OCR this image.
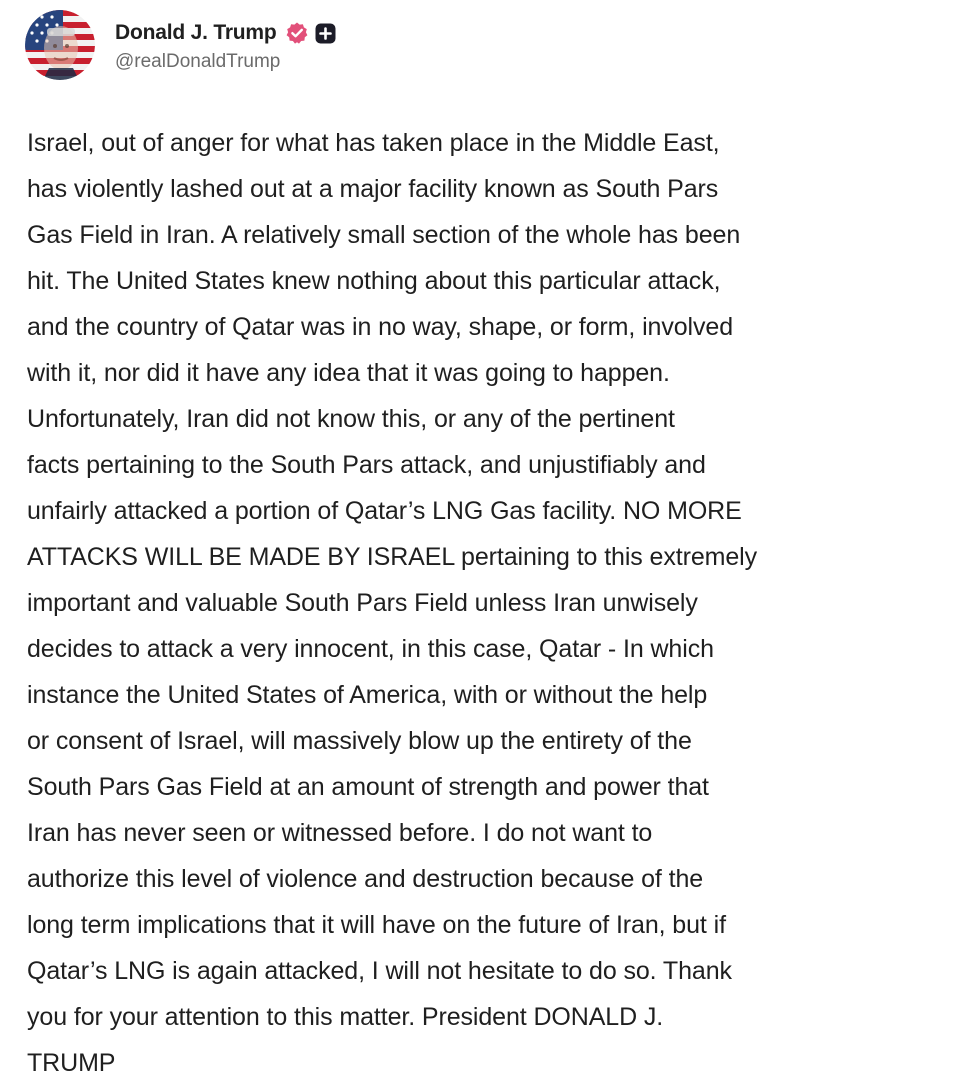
Donald J. Trump
@realDonaldTrump
Israel, out of anger for what has taken place in the Middle East,
has violently lashed out at a major facility known as South Pars
Gas Field in Iran. A relatively small section of the whole has been
hit. The United States knew nothing about this particular attack,
and the country of Qatar was in no way, shape, or form, involved
with it, nor did it have any idea that it was going to happen.
Unfortunately, Iran did not know this, or any of the pertinent
facts pertaining to the South Pars attack, and unjustifiably and
unfairly attacked a portion of Qatar’s LNG Gas facility. NO MORE
ATTACKS WILL BE MADE BY ISRAEL pertaining to this extremely
important and valuable South Pars Field unless Iran unwisely
decides to attack a very innocent, in this case, Qatar - In which
instance the United States of America, with or without the help
or consent of Israel, will massively blow up the entirety of the
South Pars Gas Field at an amount of strength and power that
Iran has never seen or witnessed before. I do not want to
authorize this level of violence and destruction because of the
long term implications that it will have on the future of Iran, but if
Qatar’s LNG is again attacked, I will not hesitate to do so. Thank
you for your attention to this matter. President DONALD J.
TRUMP
